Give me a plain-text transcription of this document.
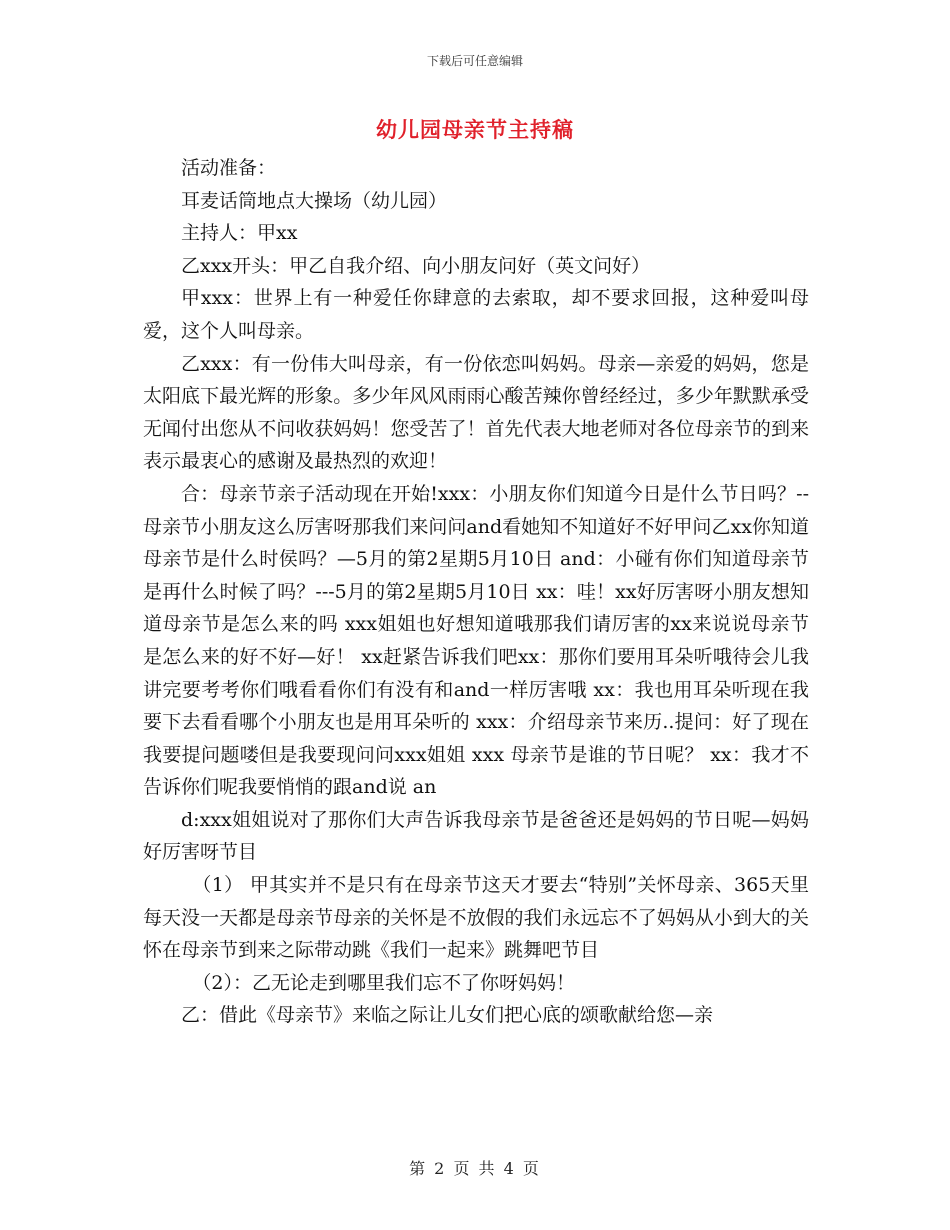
下载后可任意编辑
幼儿园母亲节主持稿

活动准备：

耳麦话筒地点大操场（幼儿园）

主持人：甲xx

乙xxx开头：甲乙自我介绍、向小朋友问好（英文问好）

甲xxx：世界上有一种爱任你肆意的去索取，却不要求回报，这种爱叫母爱，这个人叫母亲。

乙xxx：有一份伟大叫母亲，有一份依恋叫妈妈。母亲—亲爱的妈妈，您是太阳底下最光辉的形象。多少年风风雨雨心酸苦辣你曾经经过，多少年默默承受无闻付出您从不问收获妈妈！您受苦了！首先代表大地老师对各位母亲节的到来表示最衷心的感谢及最热烈的欢迎！

合：母亲节亲子活动现在开始!xxx：小朋友你们知道今日是什么节日吗？--母亲节小朋友这么厉害呀那我们来问问and看她知不知道好不好甲问乙xx你知道母亲节是什么时侯吗？—5月的第2星期5月10日 and：小碰有你们知道母亲节是再什么时候了吗？---5月的第2星期5月10日 xx：哇！xx好厉害呀小朋友想知道母亲节是怎么来的吗 xxx姐姐也好想知道哦那我们请厉害的xx来说说母亲节是怎么来的好不好—好！ xx赶紧告诉我们吧xx：那你们要用耳朵听哦待会儿我讲完要考考你们哦看看你们有没有和and一样厉害哦 xx：我也用耳朵听现在我要下去看看哪个小朋友也是用耳朵听的 xxx：介绍母亲节来历..提问：好了现在我要提问题喽但是我要现问问xxx姐姐 xxx 母亲节是谁的节日呢？ xx：我才不告诉你们呢我要悄悄的跟and说 an

d:xxx姐姐说对了那你们大声告诉我母亲节是爸爸还是妈妈的节日呢—妈妈好厉害呀节目

（1） 甲其实并不是只有在母亲节这天才要去“特别”关怀母亲、365天里每天没一天都是母亲节母亲的关怀是不放假的我们永远忘不了妈妈从小到大的关怀在母亲节到来之际带动跳《我们一起来》跳舞吧节目

（2）：乙无论走到哪里我们忘不了你呀妈妈！

乙：借此《母亲节》来临之际让儿女们把心底的颂歌献给您—亲

第 2 页 共 4 页
